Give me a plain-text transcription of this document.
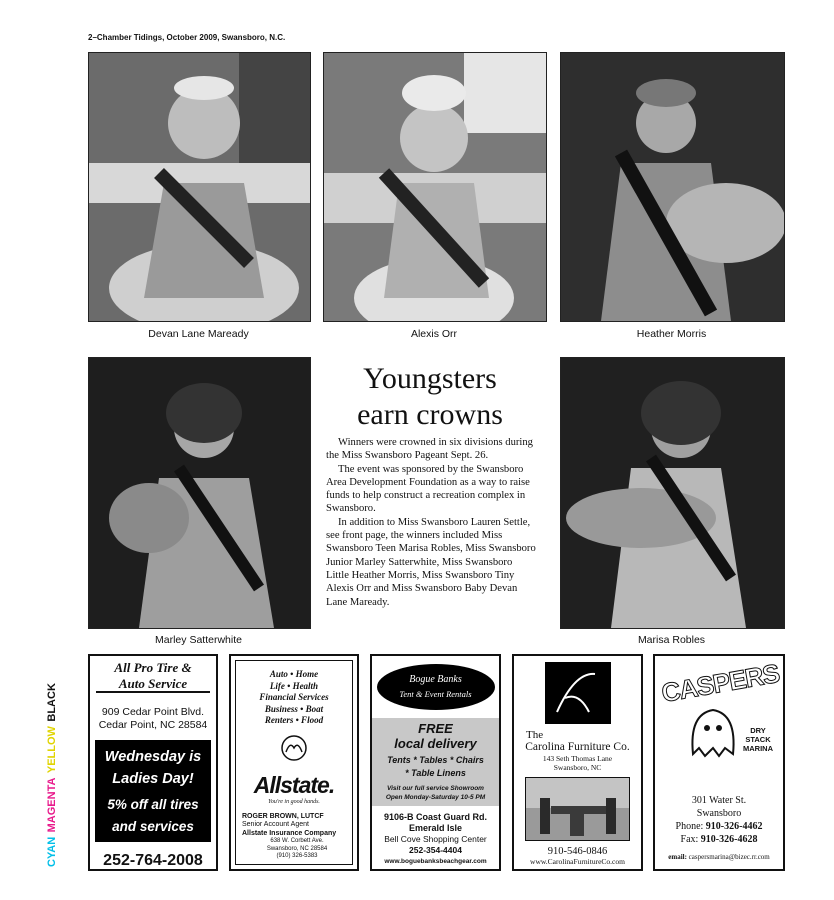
2–Chamber Tidings, October 2009, Swansboro, N.C.
Devan Lane Maready	Alexis Orr	Heather Morris
Marley Satterwhite	Marisa Robles
Youngsters
earn crowns

Winners were crowned in six divisions during the Miss Swansboro Pageant Sept. 26.

The event was sponsored by the Swansboro Area Development Foundation as a way to raise funds to help construct a recreation complex in Swansboro.

In addition to Miss Swansboro Lauren Settle, see front page, the winners included Miss Swansboro Teen Marisa Robles, Miss Swansboro Junior Marley Satterwhite, Miss Swansboro Little Heather Morris, Miss Swansboro Tiny Alexis Orr and Miss Swansboro Baby Devan Lane Maready.

CYAN MAGENTA YELLOW BLACK
All Pro Tire &
Auto Service
909 Cedar Point Blvd.
Cedar Point, NC 28584
Wednesday is
Ladies Day!
5% off all tires
and services
252-764-2008
Auto • Home
Life • Health
Financial Services
Business • Boat
Renters • Flood
Allstate.
You're in good hands.
ROGER BROWN, LUTCF
Senior Account Agent
Allstate Insurance Company
638 W. Corbett Ave.
Swansboro, NC 28584
(910) 326-5383
Bogue Banks
Tent & Event Rentals
FREE
local delivery
Tents * Tables * Chairs
* Table Linens
Visit our full service Showroom
Open Monday-Saturday 10-5 PM
9106-B Coast Guard Rd.
Emerald Isle
Bell Cove Shopping Center
252-354-4404
www.boguebanksbeachgear.com
The
Carolina Furniture Co.
143 Seth Thomas Lane
Swansboro, NC
910-546-0846
www.CarolinaFurnitureCo.com
CASPERS
DRY
STACK
MARINA
301 Water St.
Swansboro
Phone: 910-326-4462
Fax: 910-326-4628
email: caspersmarina@bizec.rr.com
